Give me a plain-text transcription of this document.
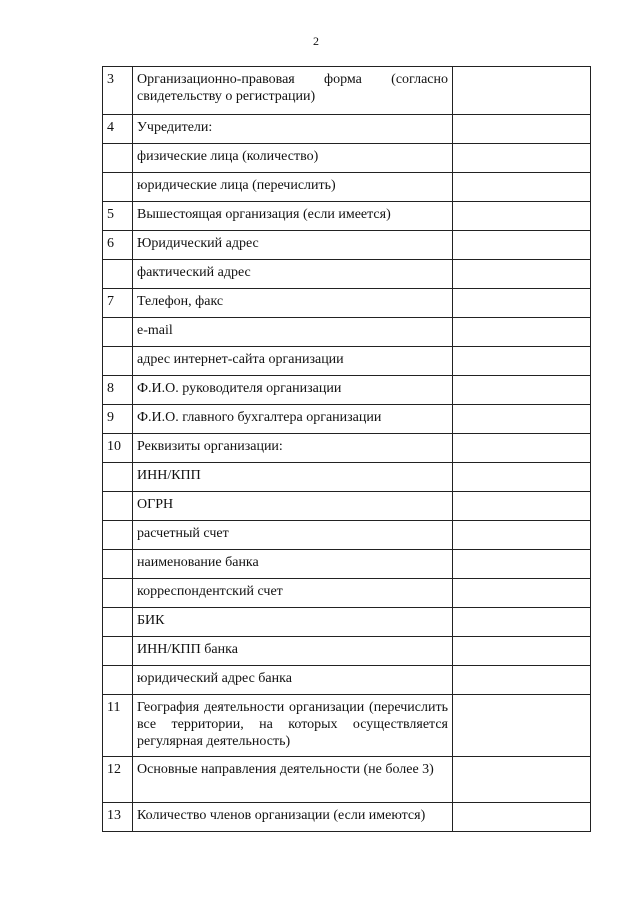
2
3	Организационно-правовая форма (согласно свидетельству о регистрации)	
4	Учредители:	
	физические лица (количество)	
	юридические лица (перечислить)	
5	Вышестоящая организация (если имеется)	
6	Юридический адрес	
	фактический адрес	
7	Телефон, факс	
	e-mail	
	адрес интернет-сайта организации	
8	Ф.И.О. руководителя организации	
9	Ф.И.О. главного бухгалтера организации	
10	Реквизиты организации:	
	ИНН/КПП	
	ОГРН	
	расчетный счет	
	наименование банка	
	корреспондентский счет	
	БИК	
	ИНН/КПП банка	
	юридический адрес банка	
11	География деятельности организации (перечислить все территории, на которых осуществляется регулярная деятельность)	
12	Основные направления деятельности (не более 3)	
13	Количество членов организации (если имеются)	
